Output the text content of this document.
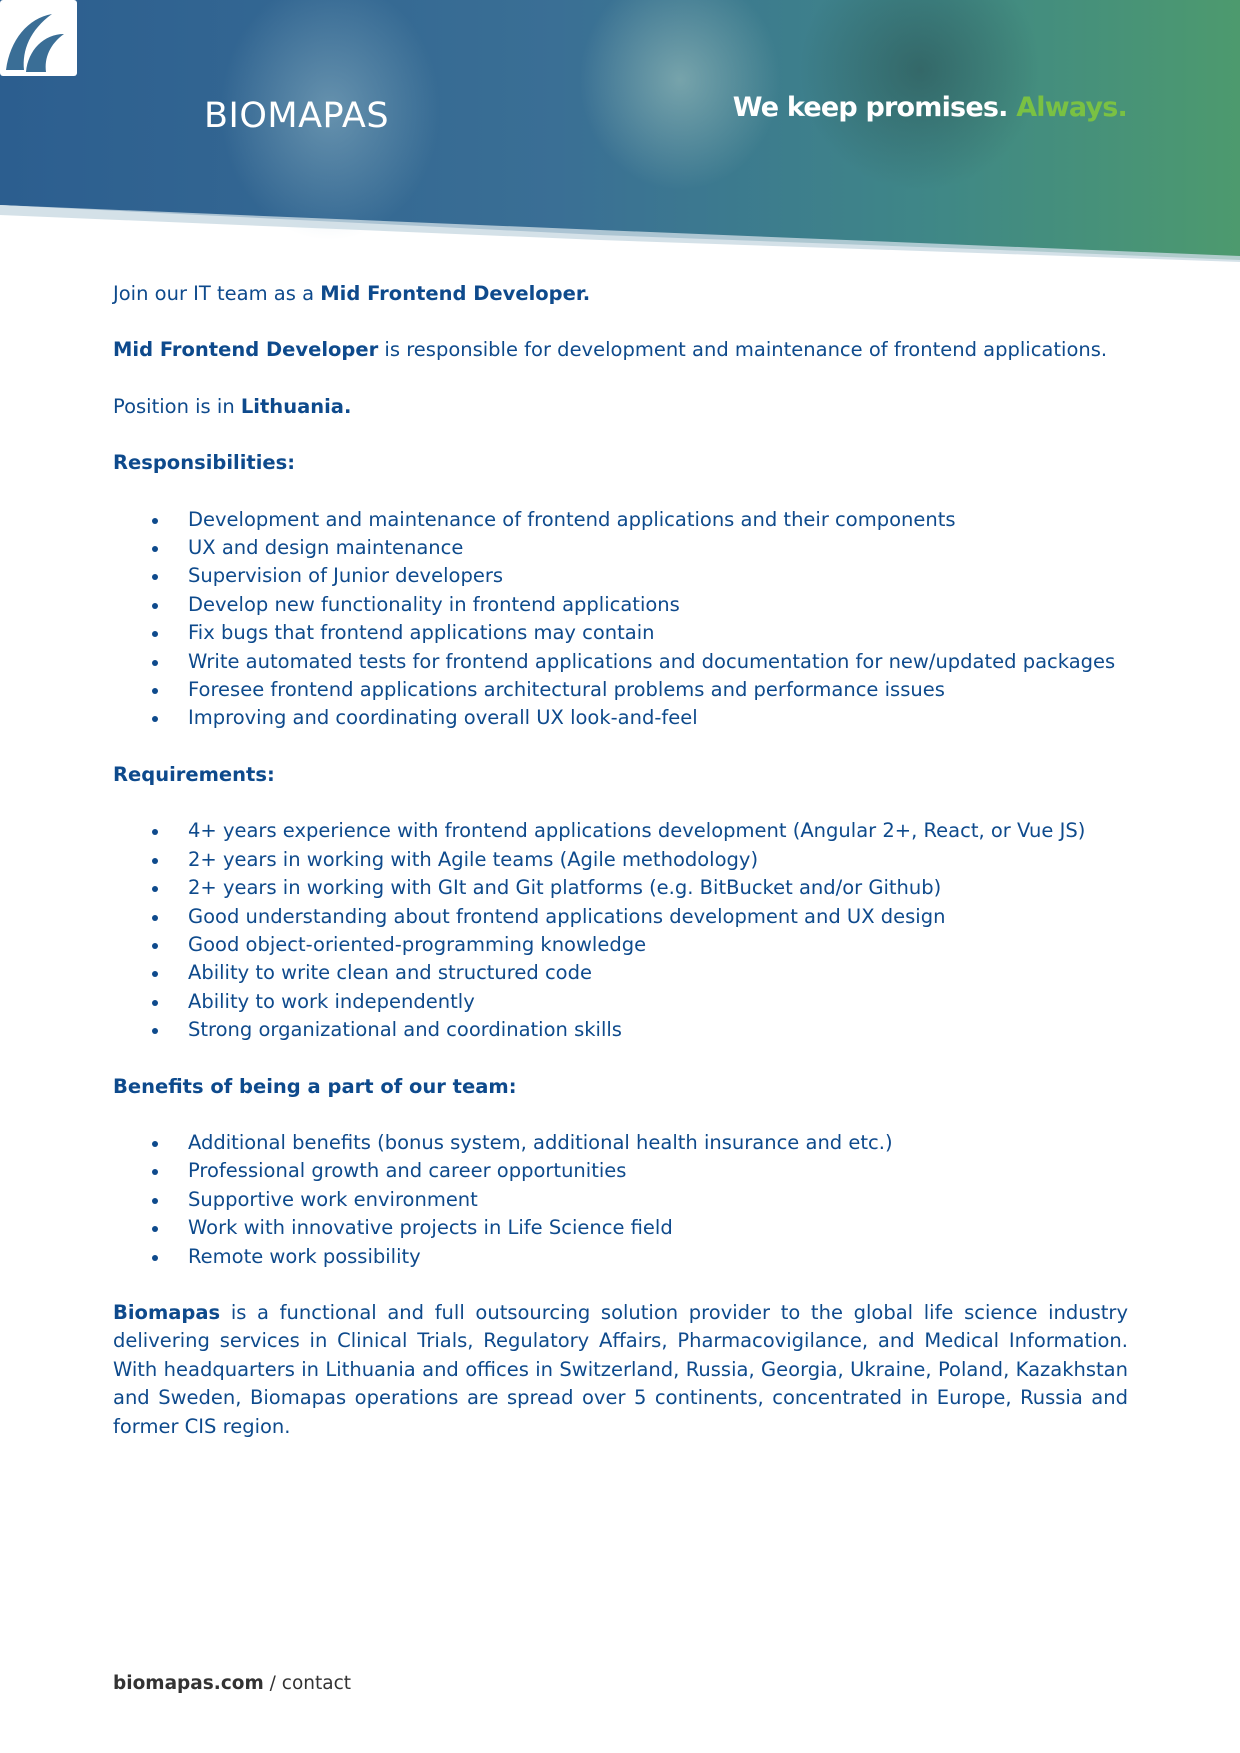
BIOMAPAS	We keep promises. Always.

Join our IT team as a Mid Frontend Developer.

Mid Frontend Developer is responsible for development and maintenance of frontend applications.

Position is in Lithuania.

Responsibilities:

Development and maintenance of frontend applications and their components
UX and design maintenance
Supervision of Junior developers
Develop new functionality in frontend applications
Fix bugs that frontend applications may contain
Write automated tests for frontend applications and documentation for new/updated packages
Foresee frontend applications architectural problems and performance issues
Improving and coordinating overall UX look-and-feel

Requirements:

4+ years experience with frontend applications development (Angular 2+, React, or Vue JS)
2+ years in working with Agile teams (Agile methodology)
2+ years in working with GIt and Git platforms (e.g. BitBucket and/or Github)
Good understanding about frontend applications development and UX design
Good object-oriented-programming knowledge
Ability to write clean and structured code
Ability to work independently
Strong organizational and coordination skills

Benefits of being a part of our team:

Additional benefits (bonus system, additional health insurance and etc.)
Professional growth and career opportunities
Supportive work environment
Work with innovative projects in Life Science field
Remote work possibility

Biomapas is a functional and full outsourcing solution provider to the global life science industry delivering services in Clinical Trials, Regulatory Affairs, Pharmacovigilance, and Medical Information. With headquarters in Lithuania and offices in Switzerland, Russia, Georgia, Ukraine, Poland, Kazakhstan and Sweden, Biomapas operations are spread over 5 continents, concentrated in Europe, Russia and former CIS region.

biomapas.com / contact
